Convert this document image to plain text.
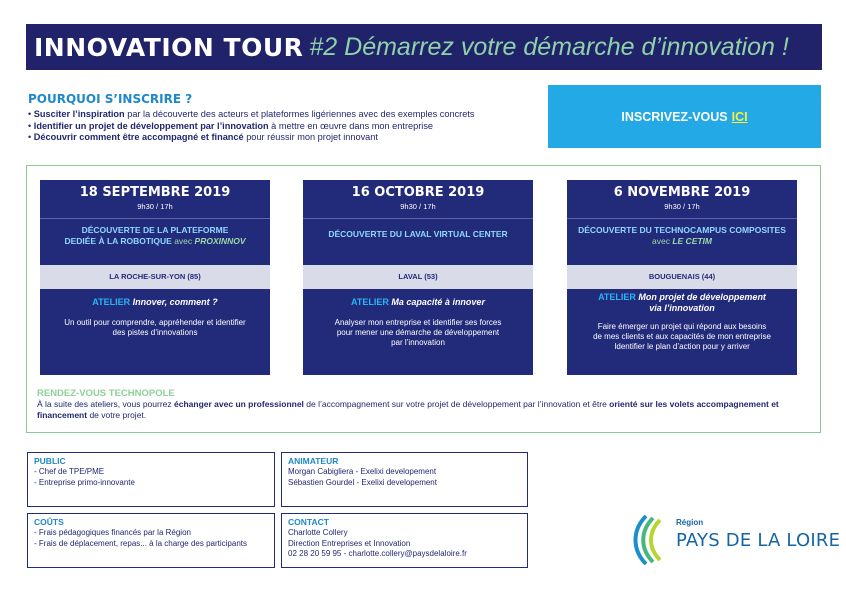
INNOVATION TOUR #2 Démarrez votre démarche d’innovation !
POURQUOI S’INSCRIRE ?
• Susciter l’inspiration par la découverte des acteurs et plateformes ligériennes avec des exemples concrets
• Identifier un projet de développement par l’innovation à mettre en œuvre dans mon entreprise
• Découvrir comment être accompagné et financé pour réussir mon projet innovant
INSCRIVEZ-VOUS ICI
18 SEPTEMBRE 2019
9h30 / 17h
DÉCOUVERTE DE LA PLATEFORME
DEDIÉE À LA ROBOTIQUE avec PROXINNOV
LA ROCHE-SUR-YON (85)
ATELIER Innover, comment ?
Un outil pour comprendre, appréhender et identifier
des pistes d’innovations
16 OCTOBRE 2019
9h30 / 17h
DÉCOUVERTE DU LAVAL VIRTUAL CENTER
LAVAL (53)
ATELIER Ma capacité à innover
Analyser mon entreprise et identifier ses forces
pour mener une démarche de développement
par l’innovation
6 NOVEMBRE 2019
9h30 / 17h
DÉCOUVERTE DU TECHNOCAMPUS COMPOSITES
avec LE CETIM
BOUGUENAIS (44)
ATELIER Mon projet de développement
via l’innovation
Faire émerger un projet qui répond aux besoins
de mes clients et aux capacités de mon entreprise
Identifier le plan d’action pour y arriver
RENDEZ-VOUS TECHNOPOLE

À la suite des ateliers, vous pourrez échanger avec un professionnel de l’accompagnement sur votre projet de développement par l’innovation et être orienté sur les volets accompagnement et financement de votre projet.

PUBLIC
- Chef de TPE/PME
- Entreprise primo-innovante
ANIMATEUR
Morgan Cabigliera - Exelixi developement
Sébastien Gourdel - Exelixi developement
COÛTS
- Frais pédagogiques financés par la Région
- Frais de déplacement, repas... à la charge des participants
CONTACT
Charlotte Collery
Direction Entreprises et Innovation
02 28 20 59 95 - charlotte.collery@paysdelaloire.fr
Région
PAYS DE LA LOIRE
